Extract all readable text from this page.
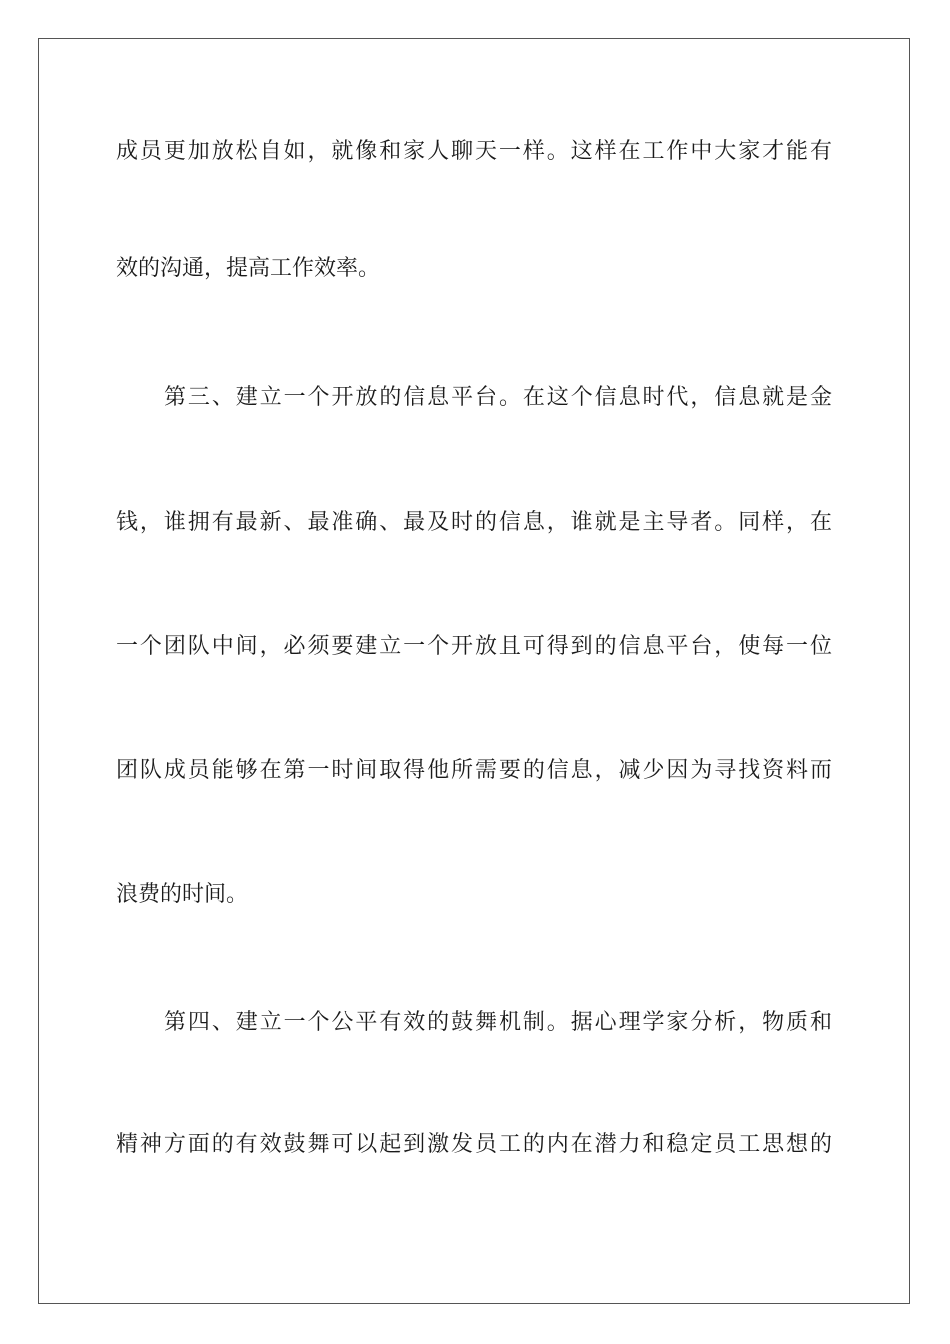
成员更加放松自如，就像和家人聊天一样。这样在工作中大家才能有
效的沟通，提高工作效率。
第三、建立一个开放的信息平台。在这个信息时代，信息就是金
钱，谁拥有最新、最准确、最及时的信息，谁就是主导者。同样，在
一个团队中间，必须要建立一个开放且可得到的信息平台，使每一位
团队成员能够在第一时间取得他所需要的信息，减少因为寻找资料而
浪费的时间。
第四、建立一个公平有效的鼓舞机制。据心理学家分析，物质和
精神方面的有效鼓舞可以起到激发员工的内在潜力和稳定员工思想的
